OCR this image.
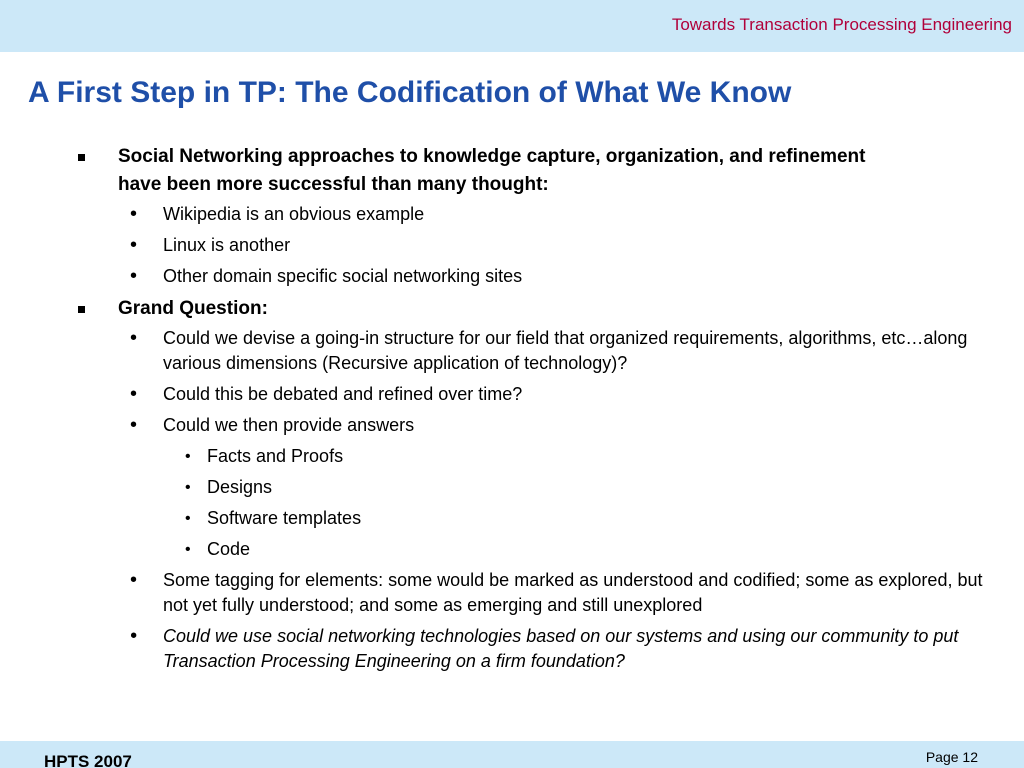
Towards Transaction Processing Engineering
A First Step in TP: The Codification of What We Know
Social Networking approaches to knowledge capture, organization, and refinement have been more successful than many thought:
• Wikipedia is an obvious example
• Linux is another
• Other domain specific social networking sites
Grand Question:
• Could we devise a going-in structure for our field that organized requirements, algorithms, etc…along various dimensions (Recursive application of technology)?
• Could this be debated and refined over time?
• Could we then provide answers
• Facts and Proofs
• Designs
• Software templates
• Code
• Some tagging for elements: some would be marked as understood and codified; some as explored, but not yet fully understood; and some as emerging and still unexplored
• Could we use social networking technologies based on our systems and using our community to put Transaction Processing Engineering on a firm foundation?
HPTS 2007	Page 12
